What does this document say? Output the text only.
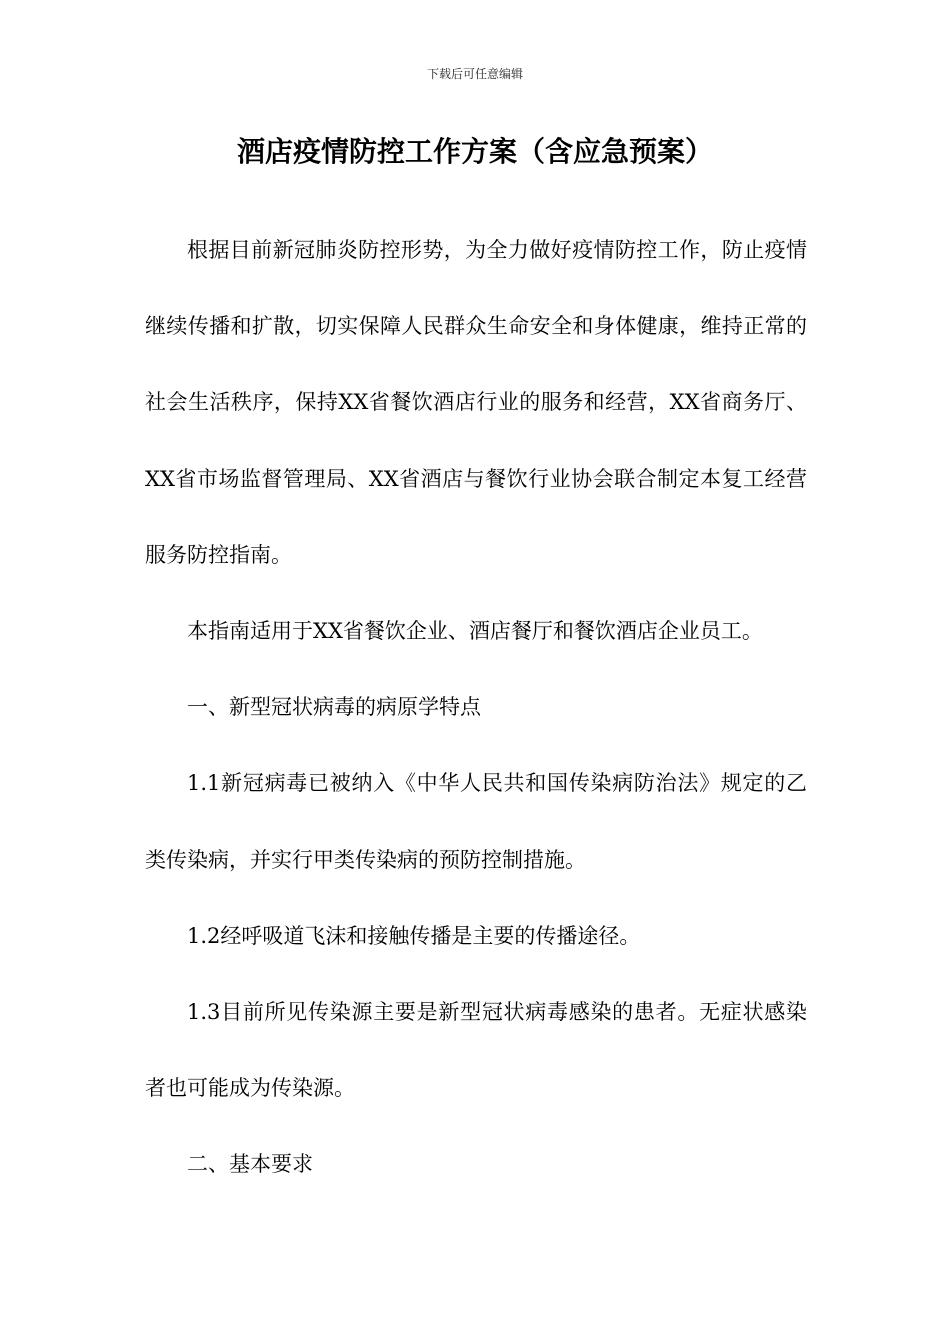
下载后可任意编辑
酒店疫情防控工作方案（含应急预案）

根据目前新冠肺炎防控形势，为全力做好疫情防控工作，防止疫情继续传播和扩散，切实保障人民群众生命安全和身体健康，维持正常的社会生活秩序，保持XX省餐饮酒店行业的服务和经营，XX省商务厅、XX省市场监督管理局、XX省酒店与餐饮行业协会联合制定本复工经营服务防控指南。

本指南适用于XX省餐饮企业、酒店餐厅和餐饮酒店企业员工。

一、新型冠状病毒的病原学特点

1.1新冠病毒已被纳入《中华人民共和国传染病防治法》规定的乙类传染病，并实行甲类传染病的预防控制措施。

1.2经呼吸道飞沫和接触传播是主要的传播途径。

1.3目前所见传染源主要是新型冠状病毒感染的患者。无症状感染者也可能成为传染源。

二、基本要求
